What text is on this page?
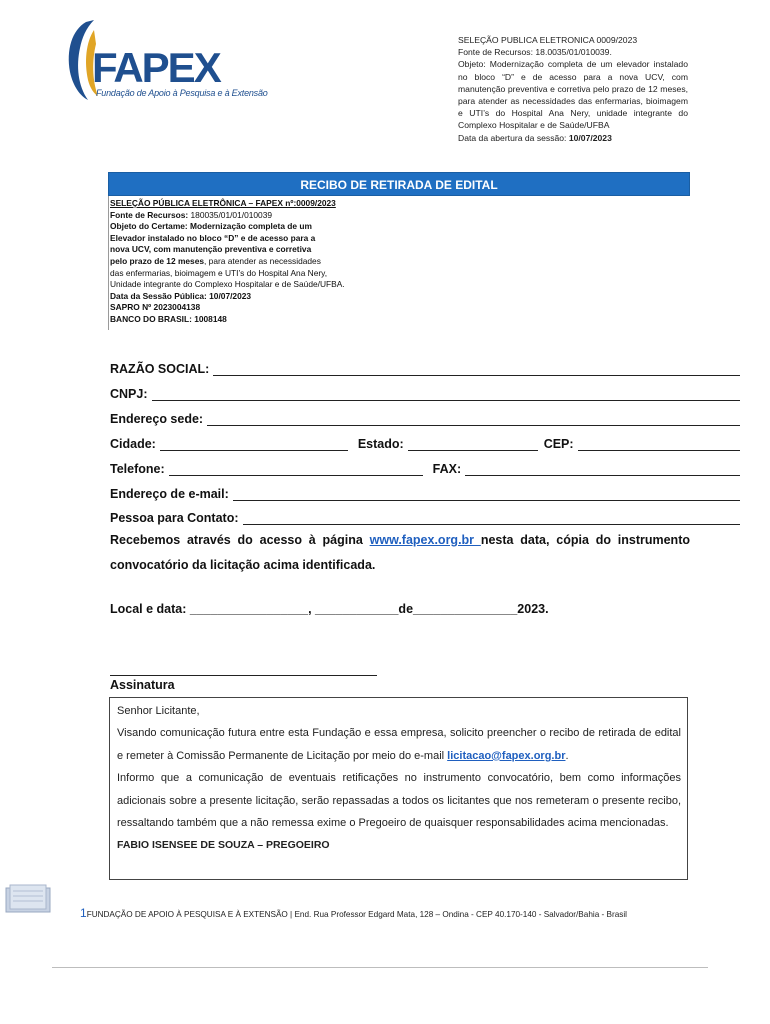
FAPEX
Fundação de Apoio à Pesquisa e à Extensão
SELEÇÃO PUBLICA ELETRONICA 0009/2023
Fonte de Recursos: 18.0035/01/010039.
Objeto: Modernização completa de um elevador instalado no bloco “D” e de acesso para a nova UCV, com manutenção preventiva e corretiva pelo prazo de 12 meses, para atender as necessidades das enfermarias, bioimagem e UTI’s do Hospital Ana Nery, unidade integrante do Complexo Hospitalar e de Saúde/UFBA
Data da abertura da sessão: 10/07/2023
RECIBO DE RETIRADA DE EDITAL
SELEÇÃO PÚBLICA ELETRÔNICA – FAPEX nº:0009/2023
Fonte de Recursos: 180035/01/01/010039
Objeto do Certame: Modernização completa de um
Elevador instalado no bloco “D” e de acesso para a
nova UCV, com manutenção preventiva e corretiva
pelo prazo de 12 meses, para atender as necessidades
das enfermarias, bioimagem e UTI’s do Hospital Ana Nery,
Unidade integrante do Complexo Hospitalar e de Saúde/UFBA.
Data da Sessão Pública: 10/07/2023
SAPRO Nº 2023004138
BANCO DO BRASIL: 1008148
RAZÃO SOCIAL:
CNPJ:
Endereço sede:
Cidade:	Estado:	CEP:
Telefone:	FAX:
Endereço de e-mail:
Pessoa para Contato:
Recebemos através do acesso à página www.fapex.org.br nesta data, cópia do instrumento convocatório da licitação acima identificada.
Local e data: _________________, ____________de_______________2023.
Assinatura

Senhor Licitante,

Visando comunicação futura entre esta Fundação e essa empresa, solicito preencher o recibo de retirada de edital e remeter à Comissão Permanente de Licitação por meio do e-mail licitacao@fapex.org.br.

Informo que a comunicação de eventuais retificações no instrumento convocatório, bem como informações adicionais sobre a presente licitação, serão repassadas a todos os licitantes que nos remeteram o presente recibo, ressaltando também que a não remessa exime o Pregoeiro de quaisquer responsabilidades acima mencionadas.

FABIO ISENSEE DE SOUZA – PREGOEIRO

1FUNDAÇÃO DE APOIO À PESQUISA E À EXTENSÃO | End. Rua Professor Edgard Mata, 128 – Ondina - CEP 40.170-140 - Salvador/Bahia - Brasil
